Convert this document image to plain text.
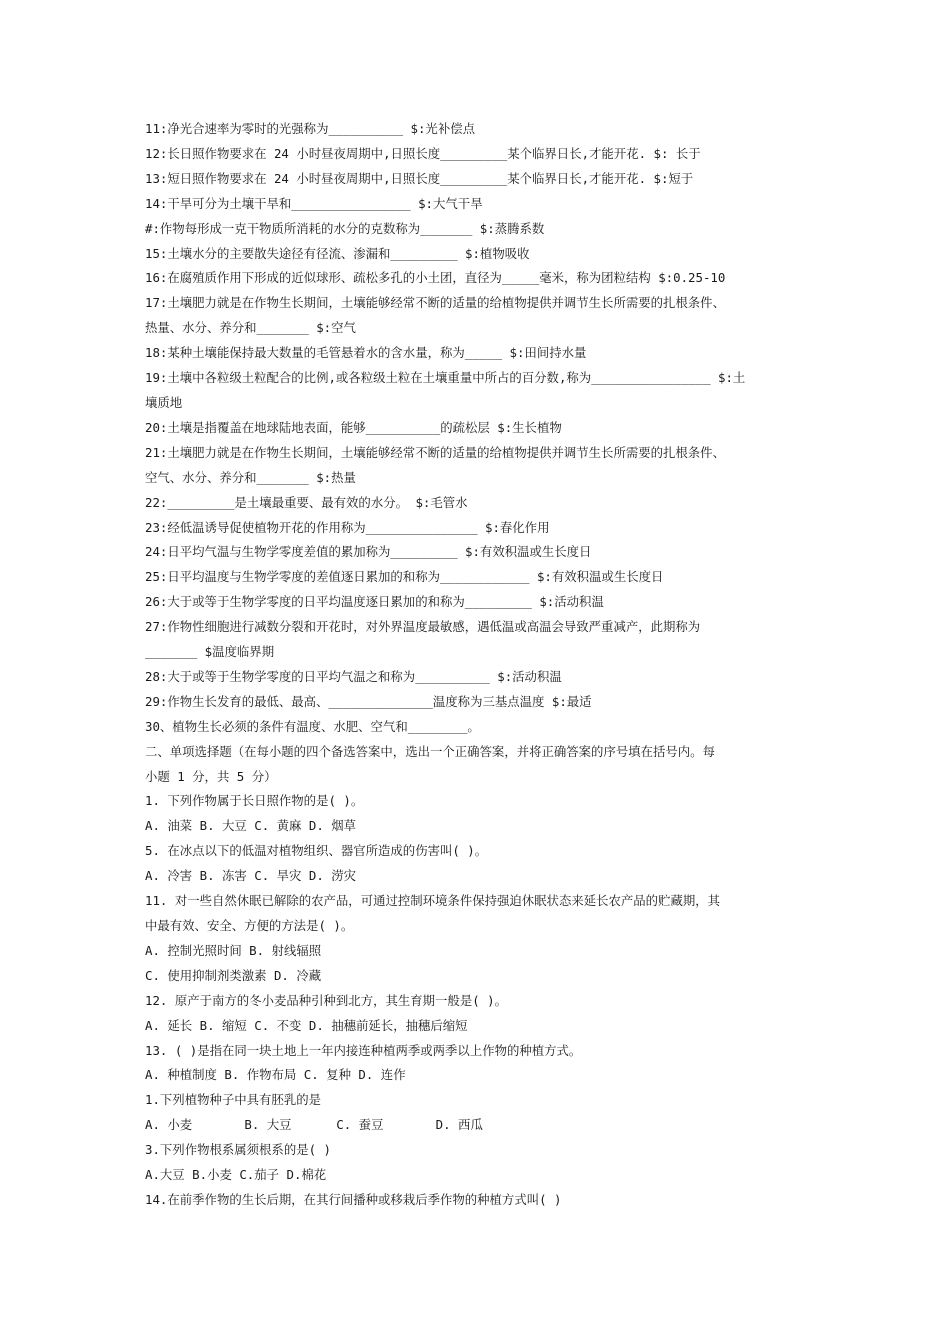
11:净光合速率为零时的光强称为__________ $:光补偿点
12:长日照作物要求在 24 小时昼夜周期中,日照长度_________某个临界日长,才能开花. $: 长于
13:短日照作物要求在 24 小时昼夜周期中,日照长度_________某个临界日长,才能开花. $:短于
14:干旱可分为土壤干旱和________________ $:大气干旱
#:作物每形成一克干物质所消耗的水分的克数称为_______ $:蒸腾系数
15:土壤水分的主要散失途径有径流、渗漏和_________ $:植物吸收
16:在腐殖质作用下形成的近似球形、疏松多孔的小土团，直径为_____毫米，称为团粒结构 $:0.25-10
17:土壤肥力就是在作物生长期间，土壤能够经常不断的适量的给植物提供并调节生长所需要的扎根条件、
热量、水分、养分和_______ $:空气
18:某种土壤能保持最大数量的毛管悬着水的含水量，称为_____ $:田间持水量
19:土壤中各粒级土粒配合的比例,或各粒级土粒在土壤重量中所占的百分数,称为________________ $:土
壤质地
20:土壤是指覆盖在地球陆地表面，能够__________的疏松层 $:生长植物
21:土壤肥力就是在作物生长期间，土壤能够经常不断的适量的给植物提供并调节生长所需要的扎根条件、
空气、水分、养分和_______ $:热量
22:_________是土壤最重要、最有效的水分。 $:毛管水
23:经低温诱导促使植物开花的作用称为_______________ $:春化作用
24:日平均气温与生物学零度差值的累加称为_________ $:有效积温或生长度日
25:日平均温度与生物学零度的差值逐日累加的和称为____________ $:有效积温或生长度日
26:大于或等于生物学零度的日平均温度逐日累加的和称为_________ $:活动积温
27:作物性细胞进行减数分裂和开花时，对外界温度最敏感，遇低温或高温会导致严重减产，此期称为
_______ $温度临界期
28:大于或等于生物学零度的日平均气温之和称为__________ $:活动积温
29:作物生长发育的最低、最高、______________温度称为三基点温度 $:最适
30、植物生长必须的条件有温度、水肥、空气和________。
二、单项选择题（在每小题的四个备选答案中，选出一个正确答案，并将正确答案的序号填在括号内。每
小题 1 分，共 5 分）
1. 下列作物属于长日照作物的是( )。
A. 油菜 B. 大豆 C. 黄麻 D. 烟草
5. 在冰点以下的低温对植物组织、器官所造成的伤害叫( )。
A. 冷害 B. 冻害 C. 旱灾 D. 涝灾
11. 对一些自然休眠已解除的农产品，可通过控制环境条件保持强迫休眠状态来延长农产品的贮藏期，其
中最有效、安全、方便的方法是( )。
A. 控制光照时间 B. 射线辐照
C. 使用抑制剂类激素 D. 冷藏
12. 原产于南方的冬小麦品种引种到北方，其生育期一般是( )。
A. 延长 B. 缩短 C. 不变 D. 抽穗前延长，抽穗后缩短
13. ( )是指在同一块土地上一年内接连种植两季或两季以上作物的种植方式。
A. 种植制度 B. 作物布局 C. 复种 D. 连作
1.下列植物种子中具有胚乳的是
A. 小麦       B. 大豆      C. 蚕豆       D. 西瓜
3.下列作物根系属须根系的是( )
A.大豆 B.小麦 C.茄子 D.棉花
14.在前季作物的生长后期，在其行间播种或移栽后季作物的种植方式叫( )
